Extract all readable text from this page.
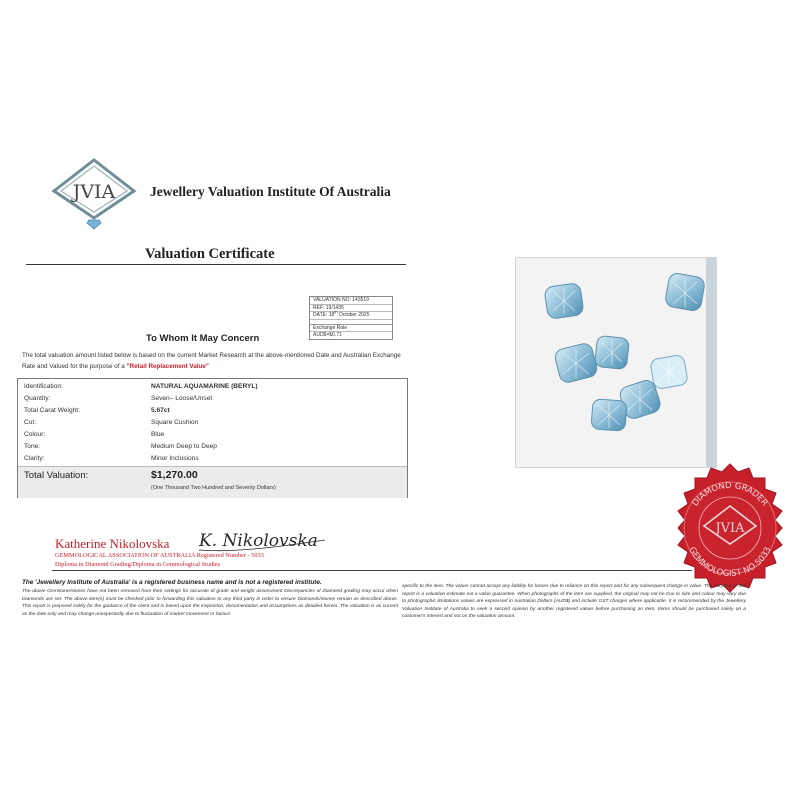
JVIA	Jewellery Valuation Institute Of Australia
Valuation Certificate
VALUATION NO: 143519
REF: 19/1435
DATE: 18th October 2025
Exchange Rate
AUD$=$0.71
To Whom It May Concern
The total valuation amount listed below is based on the current Market Research at the above-mentioned Date and Australian Exchange Rate and Valued for the purpose of a "Retail Replacement Value"
Identification:	NATURAL AQUAMARINE (BERYL)
Quantity:	Seven– Loose/Unset
Total Carat Weight:	5.67ct
Cut:	Square Cushion
Colour:	Blue
Tone:	Medium Deep to Deep
Clarity:	Minor Inclusions
Total Valuation:	$1,270.00
(One Thousand Two Hundred and Seventy Dollars)
DIAMOND GRADER
GEMMOLOGIST NO.5033
JVIA
Katherine Nikolovska K. Nikolovska
GEMMOLOGICAL ASSOCIATION OF AUSTRALIA Registered Number - 5033
Diploma in Diamond Grading/Diploma in Gemmological Studies
The 'Jewellery Institute of Australia' is a registered business name and is not a registered institute.
The above Gemstone/stones have not been removed from their settings for accurate of grade and weight assessment Discrepancies of Diamond grading may occur when Diamonds are set. The above item(s) must be checked prior to forwarding this valuation to any third party in order to ensure Diamonds/stones remain as described above. This report is prepared solely for the guidance of the client and is based upon the inspection, documentation and assumptions as detailed herein. The valuation is as current as the date only and may change unexpectedly due to fluctuation of market movement or factors
specific to the item. The valuer cannot accept any liability for losses due to reliance on this report and for any subsequent change in value. The purpose of this report is a valuation estimate not a value guarantee. When photographs of the item are supplied, the original may not be true to size and colour may vary due to photographic limitations values are expressed in Australian Dollars (AUD$) and include GST charges where applicable. It is recommended by the Jewellery Valuation Institute of Australia to seek a second opinion by another registered valuer before purchasing an item. Items should be purchased solely on a customer's interest and not on the valuation amount.
